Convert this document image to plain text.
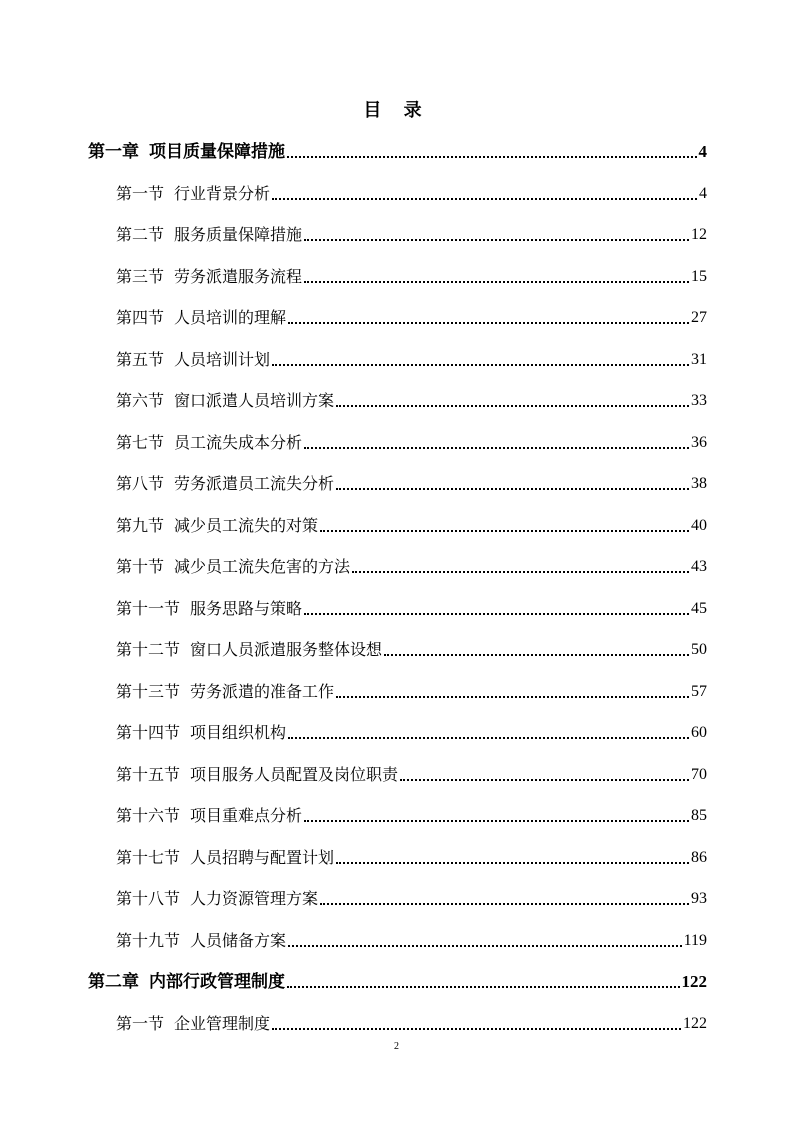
目 录
第一章 项目质量保障措施	4
第一节 行业背景分析	4
第二节 服务质量保障措施	12
第三节 劳务派遣服务流程	15
第四节 人员培训的理解	27
第五节 人员培训计划	31
第六节 窗口派遣人员培训方案	33
第七节 员工流失成本分析	36
第八节 劳务派遣员工流失分析	38
第九节 减少员工流失的对策	40
第十节 减少员工流失危害的方法	43
第十一节 服务思路与策略	45
第十二节 窗口人员派遣服务整体设想	50
第十三节 劳务派遣的准备工作	57
第十四节 项目组织机构	60
第十五节 项目服务人员配置及岗位职责	70
第十六节 项目重难点分析	85
第十七节 人员招聘与配置计划	86
第十八节 人力资源管理方案	93
第十九节 人员储备方案	119
第二章 内部行政管理制度	122
第一节 企业管理制度	122
2
